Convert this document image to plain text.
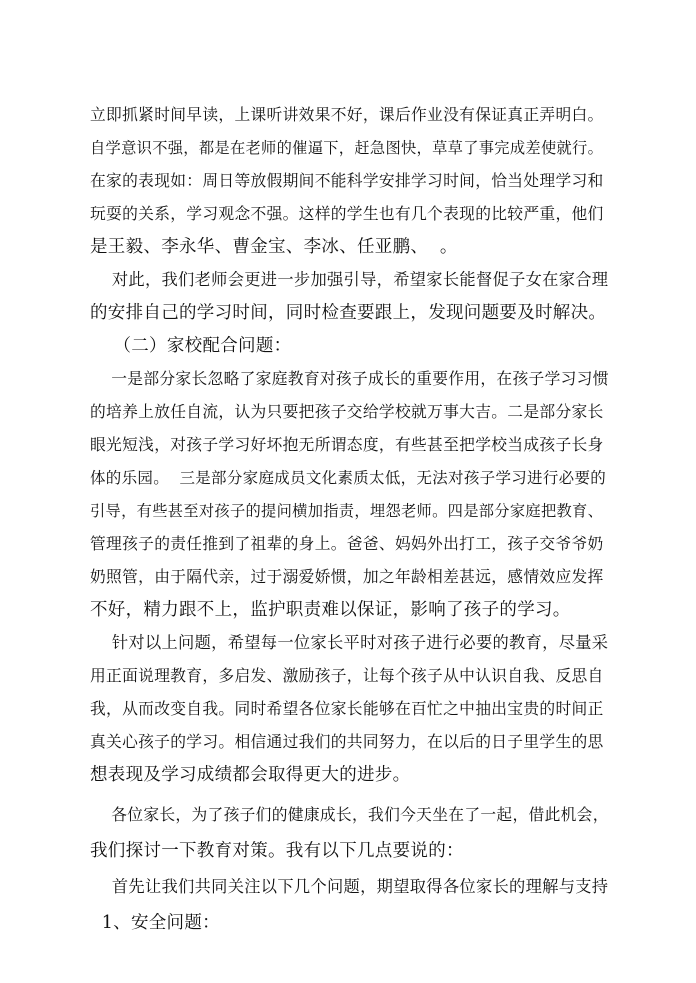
立即抓紧时间早读，上课听讲效果不好，课后作业没有保证真正弄明白。
自学意识不强，都是在老师的催逼下，赶急图快，草草了事完成差使就行。
在家的表现如：周日等放假期间不能科学安排学习时间，恰当处理学习和
玩耍的关系，学习观念不强。这样的学生也有几个表现的比较严重，他们
是王毅、李永华、曹金宝、李冰、任亚鹏、  。
对此，我们老师会更进一步加强引导，希望家长能督促子女在家合理
的安排自己的学习时间，同时检查要跟上，发现问题要及时解决。
（二）家校配合问题：
一是部分家长忽略了家庭教育对孩子成长的重要作用，在孩子学习习惯
的培养上放任自流，认为只要把孩子交给学校就万事大吉。二是部分家长
眼光短浅，对孩子学习好坏抱无所谓态度，有些甚至把学校当成孩子长身
体的乐园。  三是部分家庭成员文化素质太低，无法对孩子学习进行必要的
引导，有些甚至对孩子的提问横加指责，埋怨老师。四是部分家庭把教育、
管理孩子的责任推到了祖辈的身上。爸爸、妈妈外出打工，孩子交爷爷奶
奶照管，由于隔代亲，过于溺爱娇惯，加之年龄相差甚远，感情效应发挥
不好，精力跟不上，监护职责难以保证，影响了孩子的学习。
针对以上问题，希望每一位家长平时对孩子进行必要的教育，尽量采
用正面说理教育，多启发、激励孩子，让每个孩子从中认识自我、反思自
我，从而改变自我。同时希望各位家长能够在百忙之中抽出宝贵的时间正
真关心孩子的学习。相信通过我们的共同努力，在以后的日子里学生的思
想表现及学习成绩都会取得更大的进步。
各位家长，为了孩子们的健康成长，我们今天坐在了一起，借此机会，
我们探讨一下教育对策。我有以下几点要说的：
首先让我们共同关注以下几个问题，期望取得各位家长的理解与支持
1、安全问题：
